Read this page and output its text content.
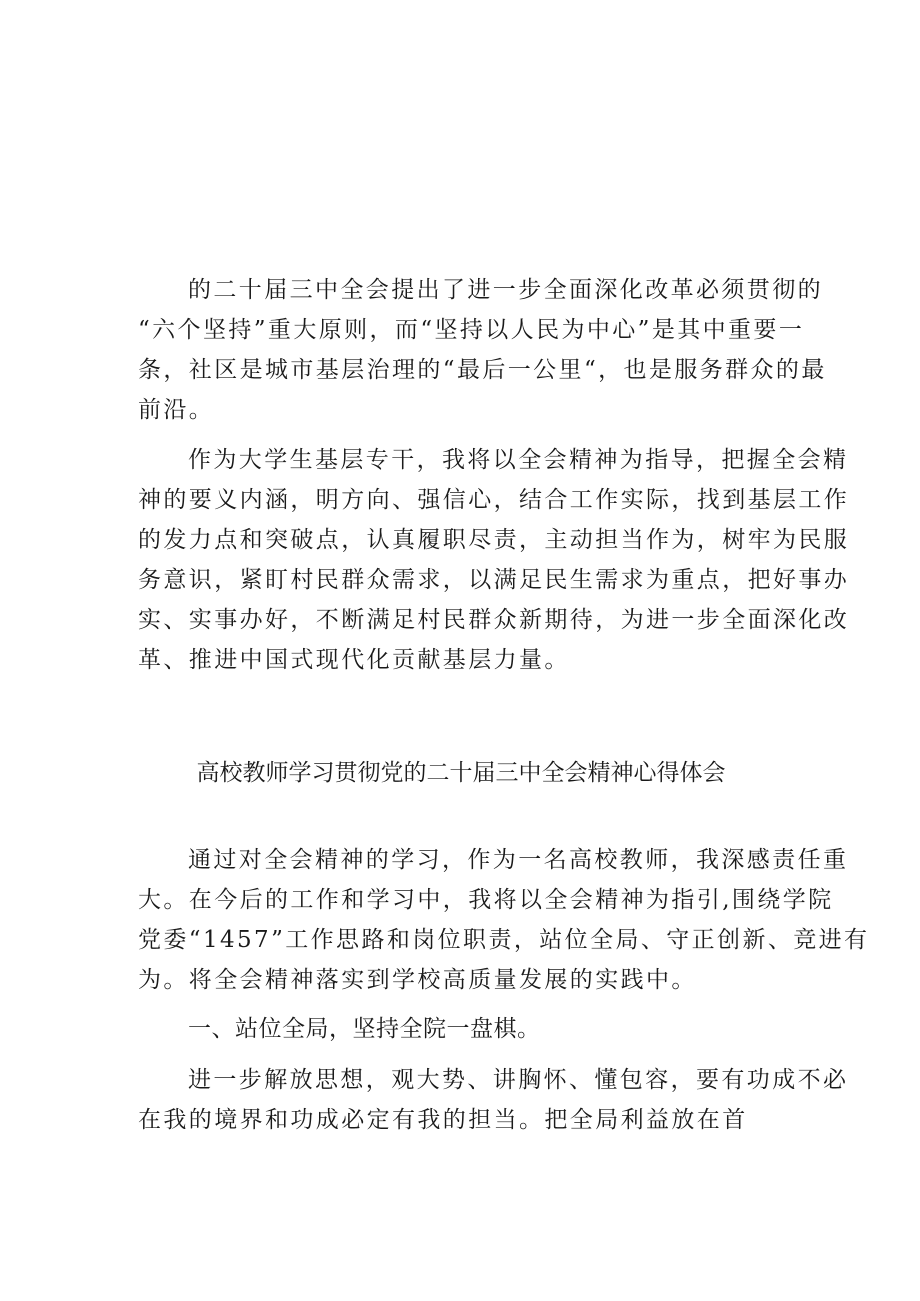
的二十届三中全会提出了进一步全面深化改革必须贯彻的
“六个坚持”重大原则，而“坚持以人民为中心”是其中重要一
条，社区是城市基层治理的“最后一公里“，也是服务群众的最
前沿。

作为大学生基层专干，我将以全会精神为指导，把握全会精
神的要义内涵，明方向、强信心，结合工作实际，找到基层工作
的发力点和突破点，认真履职尽责，主动担当作为，树牢为民服
务意识，紧盯村民群众需求，以满足民生需求为重点，把好事办
实、实事办好，不断满足村民群众新期待，为进一步全面深化改
革、推进中国式现代化贡献基层力量。

高校教师学习贯彻党的二十届三中全会精神心得体会

通过对全会精神的学习，作为一名高校教师，我深感责任重
大。在今后的工作和学习中，我将以全会精神为指引,围绕学院
党委“1457”工作思路和岗位职责，站位全局、守正创新、竞进有
为。将全会精神落实到学校高质量发展的实践中。

一、站位全局，坚持全院一盘棋。

进一步解放思想，观大势、讲胸怀、懂包容，要有功成不必
在我的境界和功成必定有我的担当。把全局利益放在首
